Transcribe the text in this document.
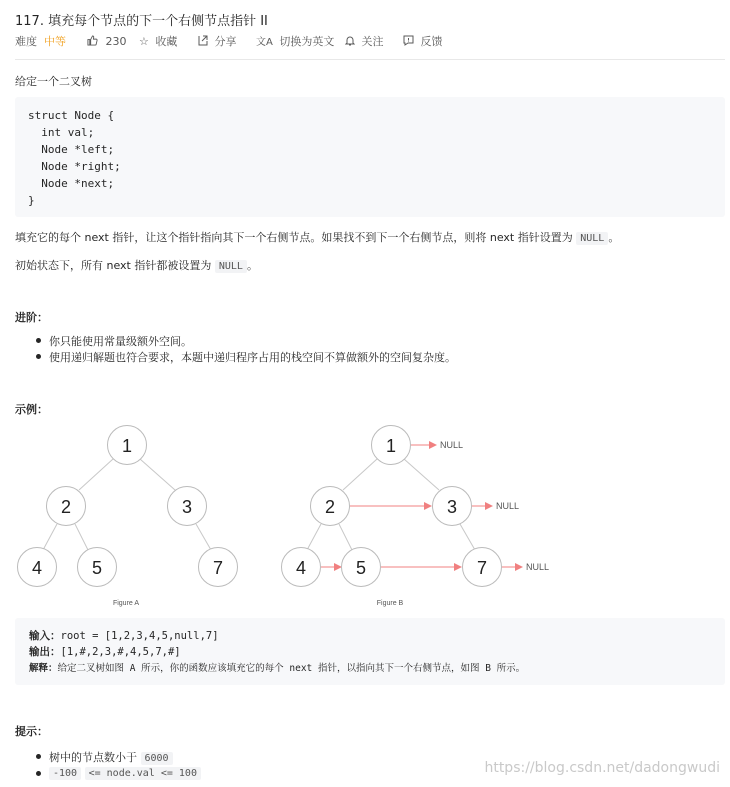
117. 填充每个节点的下一个右侧节点指针 II
难度 中等	230 ☆ 收藏	分享 文A 切换为英文	关注	反馈
给定一个二叉树
struct Node {
int val;
Node *left;
Node *right;
Node *next;
}
填充它的每个 next 指针，让这个指针指向其下一个右侧节点。如果找不到下一个右侧节点，则将 next 指针设置为 NULL 。
初始状态下，所有 next 指针都被设置为 NULL 。
进阶：
你只能使用常量级额外空间。
使用递归解题也符合要求，本题中递归程序占用的栈空间不算做额外的空间复杂度。
示例：
1
2	3
4	5	7
Figure A
NULL
NULL
NULL
1
2	3
4	5	7
Figure B
输入：root = [1,2,3,4,5,null,7]
输出：[1,#,2,3,#,4,5,7,#]
解释：给定二叉树如图 A 所示，你的函数应该填充它的每个 next 指针，以指向其下一个右侧节点，如图 B 所示。
提示：
树中的节点数小于 6000
-100 <= node.val <= 100	https://blog.csdn.net/dadongwudi
